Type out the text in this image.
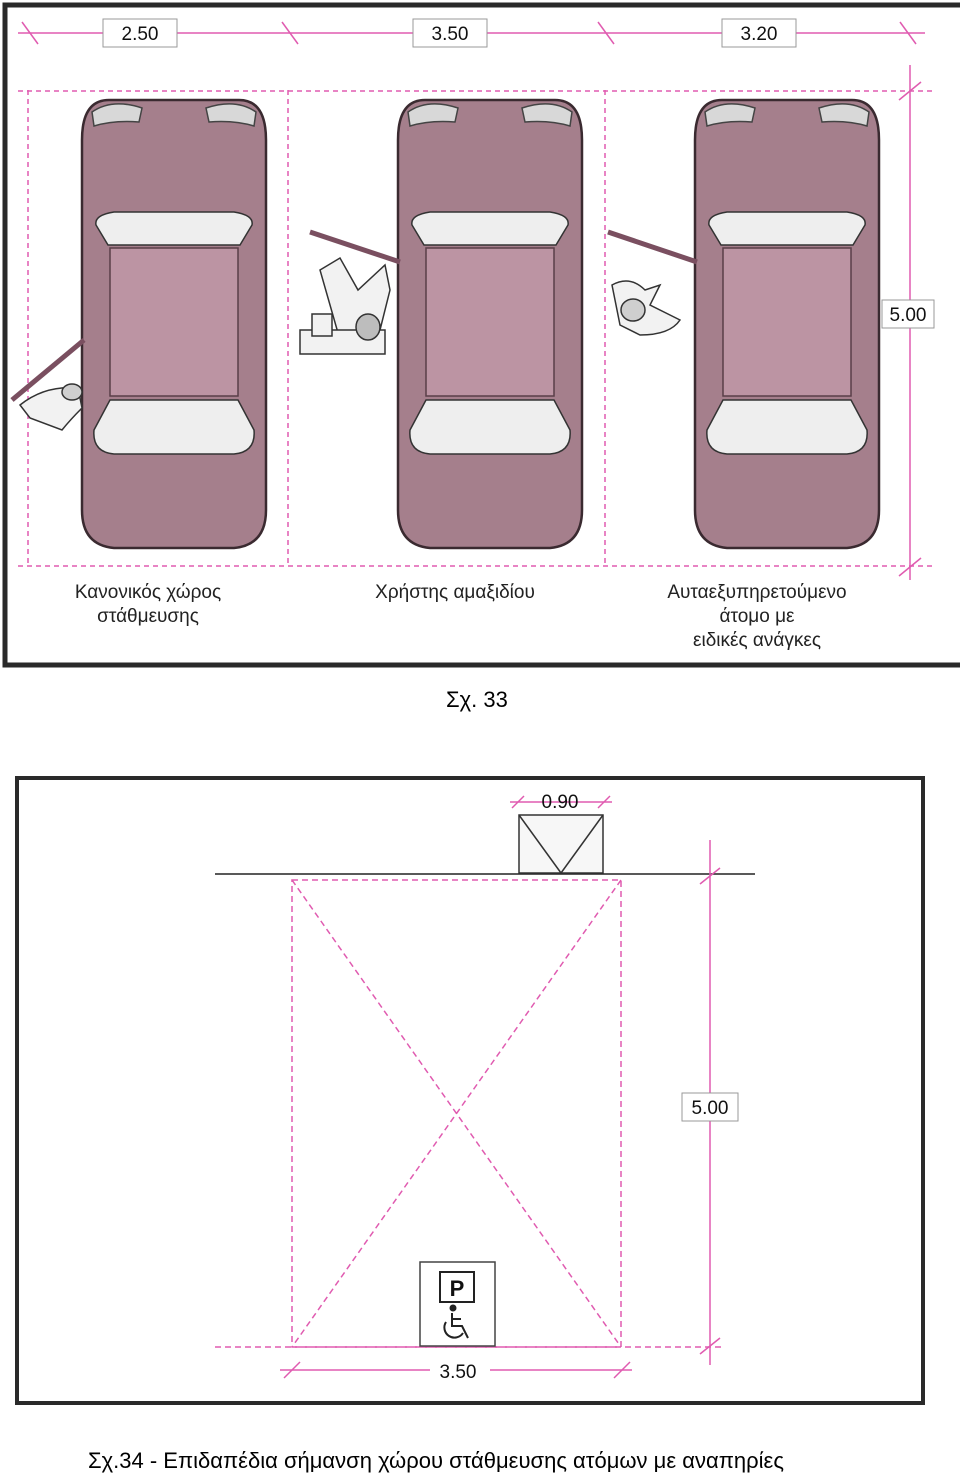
2.50	3.50	3.20
5.00
Κανονικός χώρος
στάθμευσης
Χρήστης αμαξιδίου	Αυταεξυπηρετούμενο
άτομο με
ειδικές ανάγκες
0.90
5.00
3.50
P
Σχ. 33
Σχ.34 - Επιδαπέδια σήμανση χώρου στάθμευσης ατόμων με αναπηρίες
